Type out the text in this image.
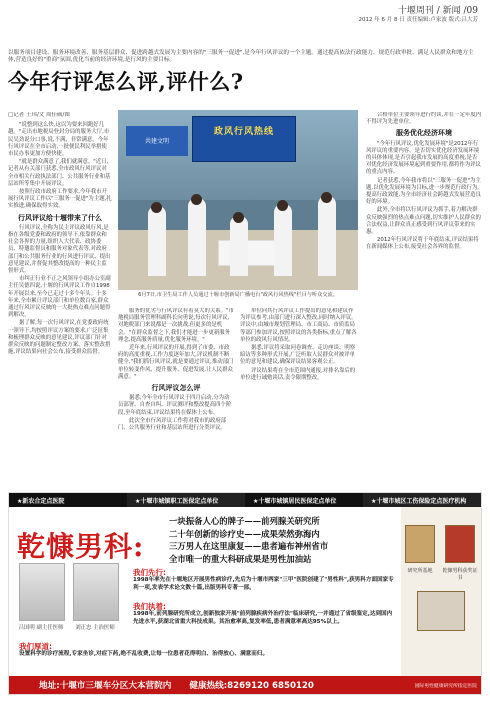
十堰周刊 / 新闻 /09
2012 年 6 月 8 日 责任编辑:卢家波 版式:吕大芳
以服务项目建设、服务环境改善、服务基层群众、促进跨越式发展为主要内容的"三服务一促进",是今年行风评议的一个主题。通过提高依法行政能力、规范行政审批、满足人民群众和地方主体,营造良好的"重商"氛围,优化当前的经济环境,是行风的主要目标。
今年行评怎么评,评什么?
□记者 王玮/文 周佳硕/图

"说整到这么快,这以为要来回跑好几趟。"走出市地税局登封分局的服务大厅,市民吴劲说分口事,说,不满、非常满意。今年行风评议在全市启动,一批便民利民举措使市民办事更加方便快捷。

"就是群众满意了,我们就满意。"近日,记者从有关部门获悉,全市政风行风评议对全市相关行政执法部门、公共服务行业和基层站所等集中开展评议。

按照行政市政府工作要求,今年我市开展行风评议工作以"三服务一促进"为主题,扎实推进,确保取得实效。

行风评议给十堰带来了什么

行风评议,全称为民主评议政风行风,是指在各级党委和政府的领导下,依靠群众和社会各界的力量,组织人大代表、政协委员、特邀监督员和服务对象代表等,对政府部门和公共服务行业的行风进行评议、提出意见建议,并督促其整改提高的一种民主监督形式。

市纠正行业不正之风领导小组办公室副主任吴德四说,十堰的行风评议工作自1998年开展以来,至今已走过十多个年头。十多年来,全市累计评议部门和单位数百家,群众通过行风评议反映的一大批热点难点问题得到解决。

据了解,每一次行风评议,在党委政府统一领导下,均按照评议方案的要求,广泛征集和梳理群众反映的意见建议,评议部门针对群众反映的问题制定整改方案、落实整改措施,评议结果向社会公布,接受群众监督。

共建文明
政风行风热线
6月7日,市卫生局工作人员通过十堰市创新局广播电台"政风行风热线"栏目与听众交流。

服务的优劣与行风评议有着莫大的关系。"市地税局服务管理科副科长向勇说,每次行风评议,对地税部门来说都是一次挑战,但更多的是机会。"在群众监督之下,我们才能进一步更新服务理念,提高服务质量,优化服务环境。"

近年来,行风评议的开展,得到了市委、市政府的高度重视,工作力度逐年加大,评议机制不断健全,"我们抓行风评议,就是要通过评议,推动部门单位转变作风、提升服务、促进发展,让人民群众满意。"

行风评议怎么评

据悉,今年全市行风评议于四月启动,分为动员部署、自查自纠、评议测评和整改提高四个阶段,至年底结束,评议结果将在媒体上公布。

此次全市行风评议工作将对我市的政府部门、公共服务行业和基层站所进行分类评议。

单位向其行风评议工作提出的意见和建议作为评议参考,由部门进行深入整改,同时纳入评议。评议中,由城市规划管理局、市工商局、市质监局等部门参加评议,按照评议的各类指标,重点了解各单位的政风行风情况。

据悉,评议将采取问卷调查、走访座谈、明察暗访等多种形式开展,广泛听取人民群众对被评单位的意见和建议,确保评议结果客观公正。

评议结果将在全市范围内通报,对排名靠后的单位进行诫勉谈话,责令限期整改。

合格单位主要领导进行约谈,并在一定年度内不得评为先进单位。

服务优化经济环境

"今年行风评议,优化发展环境"是2012年行风评议的重要内容。是否切实优化经济发展环境的具体体现,是否引起我市发展的高度重视,是否对优化经济发展环境起到重要作用,都将作为评议的重点内容。

记者获悉,今年我市将以"三服务一促进"为主题,以优化发展环境为目标,进一步规范行政行为,提高行政效能,为全市经济社会跨越式发展营造良好的环境。

此外,全市将以行风评议为抓手,着力解决群众反映强烈的热点难点问题,切实维护人民群众的合法权益,让群众真正感受到行风评议带来的实惠。

2012年行风评议将于年底结束,评议结果将在新闻媒体上公布,接受社会各界的监督。

★新农合定点医院	★十堰市城镇职工医保定点单位	★十堰市城镇居民医保定点单位	★十堰市城区工伤保险定点医疗机构
乾慷男科:
一块振备人心的牌子——前列腺关研究所
二十年创新的诊疗史——成果荣然弥海内
三万男人在这里康复——患者遍布神州省市
全市唯一的重大科研成果是男性加油站
吕国明 副主任医师	刘正忠 主治医师
我们先行:
1998年率先在十堰地区开展男性病诊疗,先后为十堰市两家"三甲"医院创建了"男性科",获男科方面国家专利一项,发表学术论文数十篇,出版男科专著一部。
我们执着:
1998年,前列腺研究所成立,创新独家开展"前列腺疾病外治疗法"临床研究,一并通过了省级鉴定,达到国内先进水平,获湖北省重大科技成果。其治愈率高,复发率低,患者满意率高达95%以上。
我们厚道:
设置科学的诊疗流程,专家坐诊,对症下药,绝不乱收费,让每一位患者花得明白、治得放心、满意而归。
研究所基地	乾慷男科获奖证书
地址:十堰市三堰车分区大本营院内	健康热线:8269120 6850120	国际男性健康研究所指定医院
